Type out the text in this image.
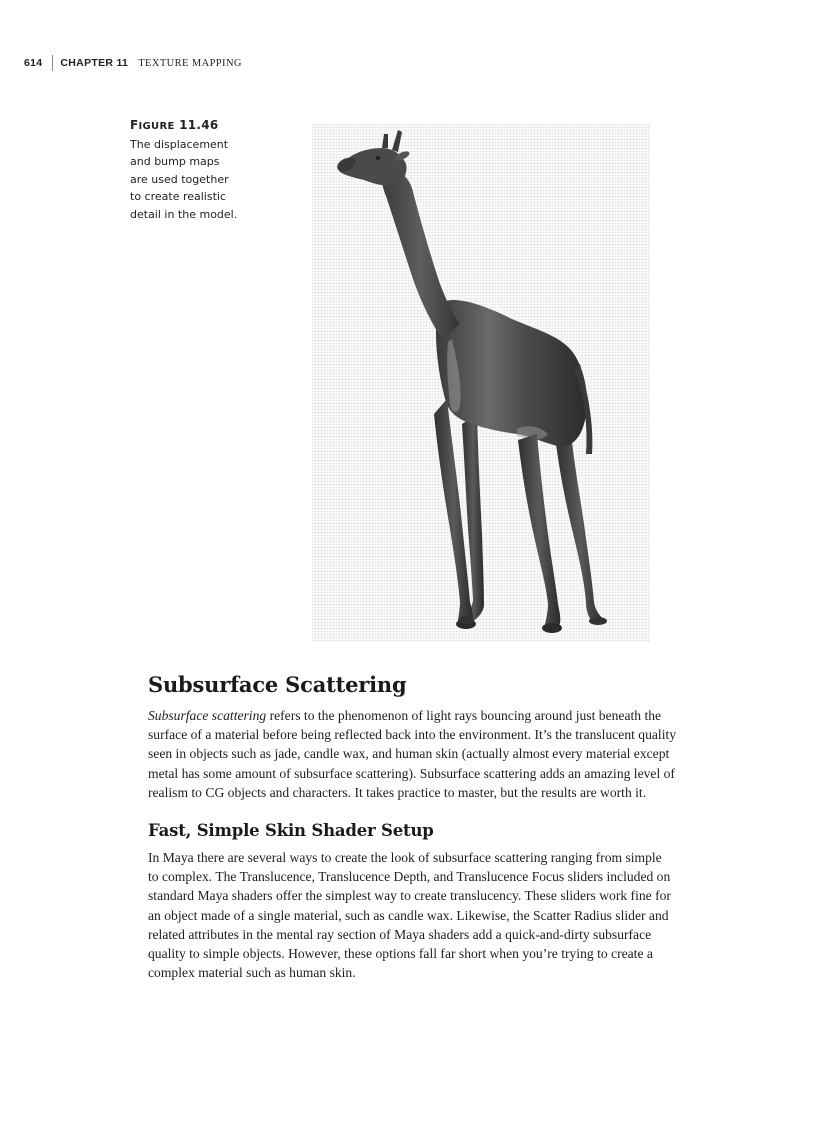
614 CHAPTER 11 TEXTURE MAPPING
FIGURE 11.46
The displacement
and bump maps
are used together
to create realistic
detail in the model.
Subsurface Scattering

Subsurface scattering refers to the phenomenon of light rays bouncing around just beneath the
surface of a material before being reflected back into the environment. It’s the translucent quality
seen in objects such as jade, candle wax, and human skin (actually almost every material except
metal has some amount of subsurface scattering). Subsurface scattering adds an amazing level of
realism to CG objects and characters. It takes practice to master, but the results are worth it.

Fast, Simple Skin Shader Setup

In Maya there are several ways to create the look of subsurface scattering ranging from simple
to complex. The Translucence, Translucence Depth, and Translucence Focus sliders included on
standard Maya shaders offer the simplest way to create translucency. These sliders work fine for
an object made of a single material, such as candle wax. Likewise, the Scatter Radius slider and
related attributes in the mental ray section of Maya shaders add a quick-and-dirty subsurface
quality to simple objects. However, these options fall far short when you’re trying to create a
complex material such as human skin.
